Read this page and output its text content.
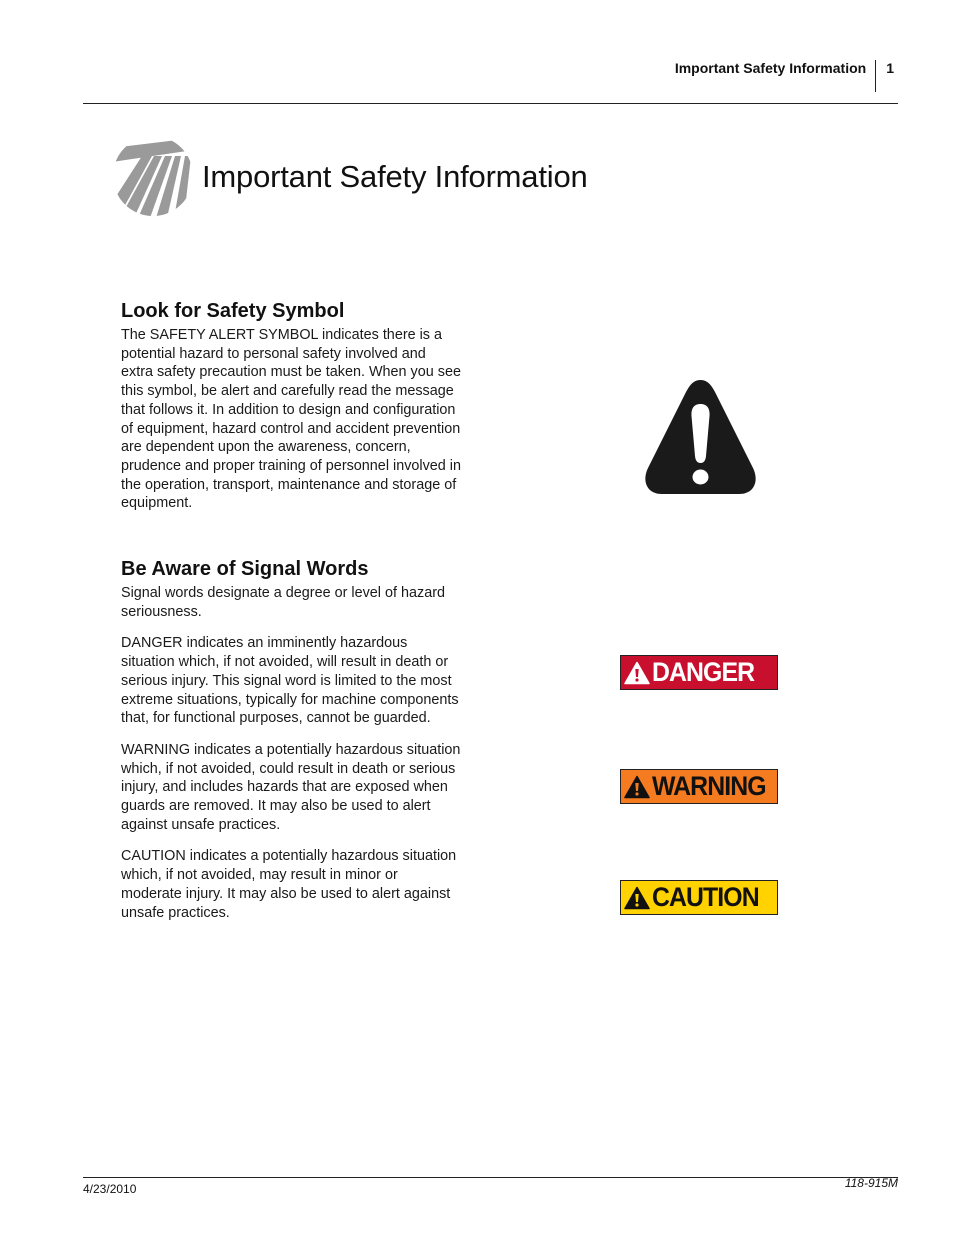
Important Safety Information 1
Important Safety Information
Look for Safety Symbol

The SAFETY ALERT SYMBOL indicates there is a potential hazard to personal safety involved and extra safety precaution must be taken. When you see this symbol, be alert and carefully read the message that follows it. In addition to design and configuration of equipment, hazard control and accident prevention are dependent upon the awareness, concern, prudence and proper training of personnel involved in the operation, transport, maintenance and storage of equipment.

Be Aware of Signal Words

Signal words designate a degree or level of hazard seriousness.

DANGER indicates an imminently hazardous situation which, if not avoided, will result in death or serious injury. This signal word is limited to the most extreme situations, typically for machine components that, for functional purposes, cannot be guarded.

WARNING indicates a potentially hazardous situation which, if not avoided, could result in death or serious injury, and includes hazards that are exposed when guards are removed. It may also be used to alert against unsafe practices.

CAUTION indicates a potentially hazardous situation which, if not avoided, may result in minor or moderate injury. It may also be used to alert against unsafe practices.

DANGER
WARNING
CAUTION
4/23/2010	118-915M
